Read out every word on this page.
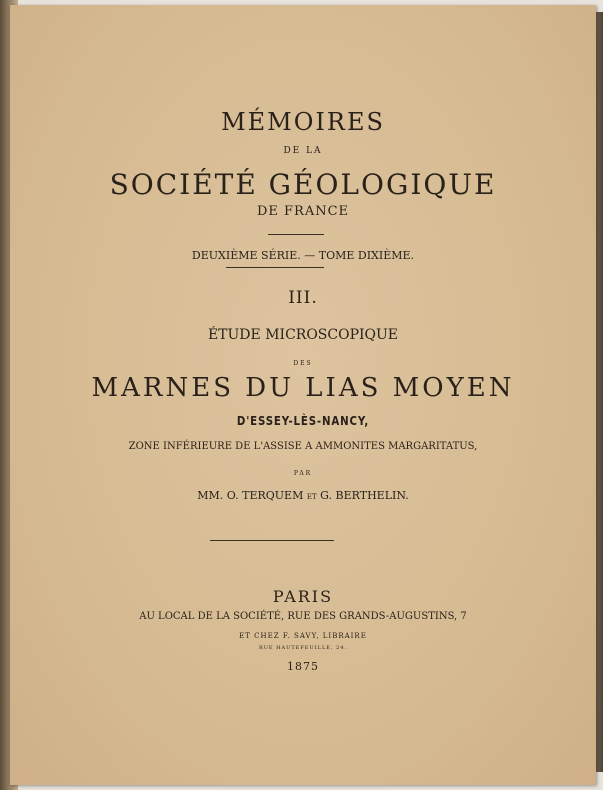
MÉMOIRES
DE LA
SOCIÉTÉ GÉOLOGIQUE
DE FRANCE
DEUXIÈME SÉRIE. — TOME DIXIÈME.
III.
ÉTUDE MICROSCOPIQUE
DES
MARNES DU LIAS MOYEN
D'ESSEY-LÈS-NANCY,
ZONE INFÉRIEURE DE L'ASSISE A AMMONITES MARGARITATUS,
PAR
MM. O. TERQUEM ET G. BERTHELIN.
PARIS
AU LOCAL DE LA SOCIÉTÉ, RUE DES GRANDS-AUGUSTINS, 7
ET CHEZ F. SAVY, LIBRAIRE
RUE HAUTEFEUILLE, 24.
1875
